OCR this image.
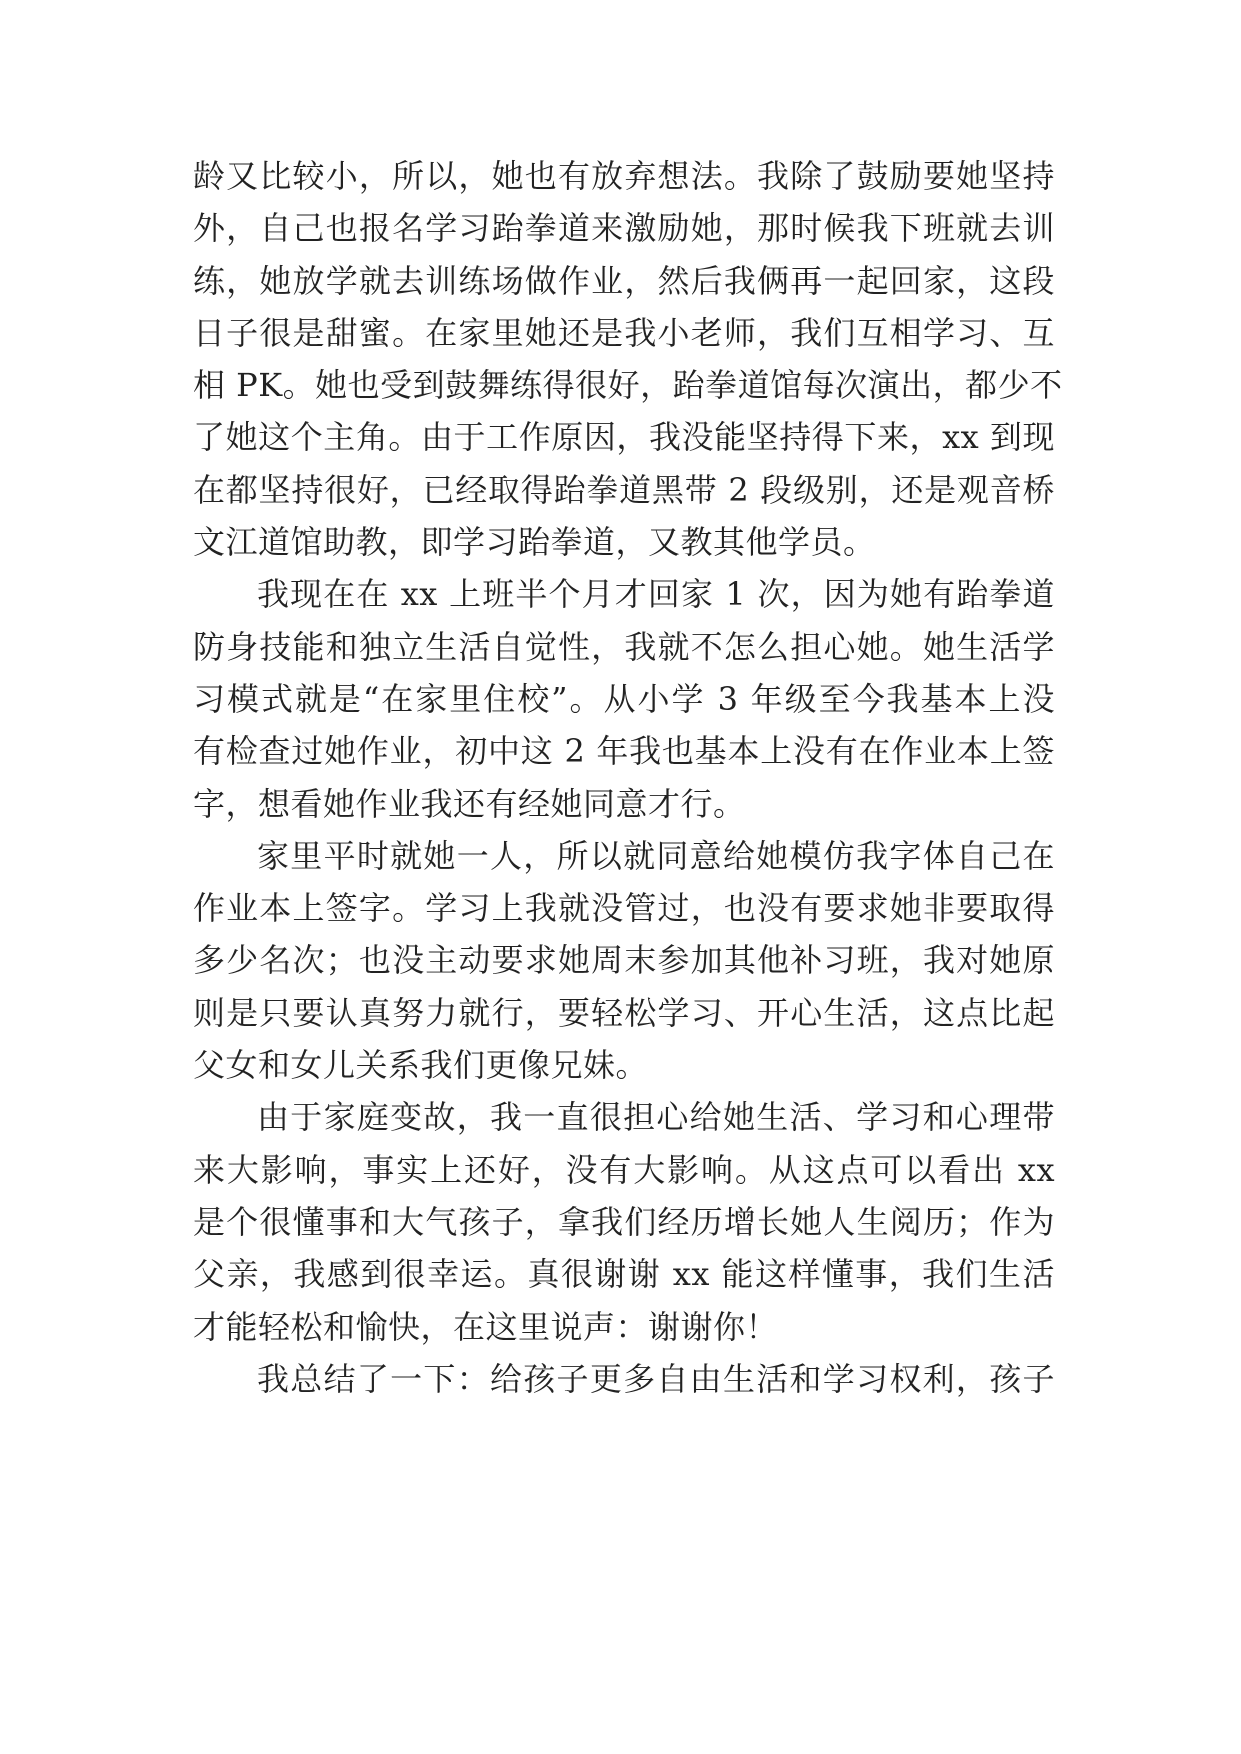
龄又比较小，所以，她也有放弃想法。我除了鼓励要她坚持
外，自己也报名学习跆拳道来激励她，那时候我下班就去训
练，她放学就去训练场做作业，然后我俩再一起回家，这段
日子很是甜蜜。在家里她还是我小老师，我们互相学习、互
相 PK。她也受到鼓舞练得很好，跆拳道馆每次演出，都少不
了她这个主角。由于工作原因，我没能坚持得下来，xx 到现
在都坚持很好，已经取得跆拳道黑带 2 段级别，还是观音桥
文江道馆助教，即学习跆拳道，又教其他学员。
我现在在 xx 上班半个月才回家 1 次，因为她有跆拳道
防身技能和独立生活自觉性，我就不怎么担心她。她生活学
习模式就是“在家里住校”。从小学 3 年级至今我基本上没
有检查过她作业，初中这 2 年我也基本上没有在作业本上签
字，想看她作业我还有经她同意才行。
家里平时就她一人，所以就同意给她模仿我字体自己在
作业本上签字。学习上我就没管过，也没有要求她非要取得
多少名次；也没主动要求她周末参加其他补习班，我对她原
则是只要认真努力就行，要轻松学习、开心生活，这点比起
父女和女儿关系我们更像兄妹。
由于家庭变故，我一直很担心给她生活、学习和心理带
来大影响，事实上还好，没有大影响。从这点可以看出 xx
是个很懂事和大气孩子，拿我们经历增长她人生阅历；作为
父亲，我感到很幸运。真很谢谢 xx 能这样懂事，我们生活
才能轻松和愉快，在这里说声：谢谢你！
我总结了一下：给孩子更多自由生活和学习权利，孩子
